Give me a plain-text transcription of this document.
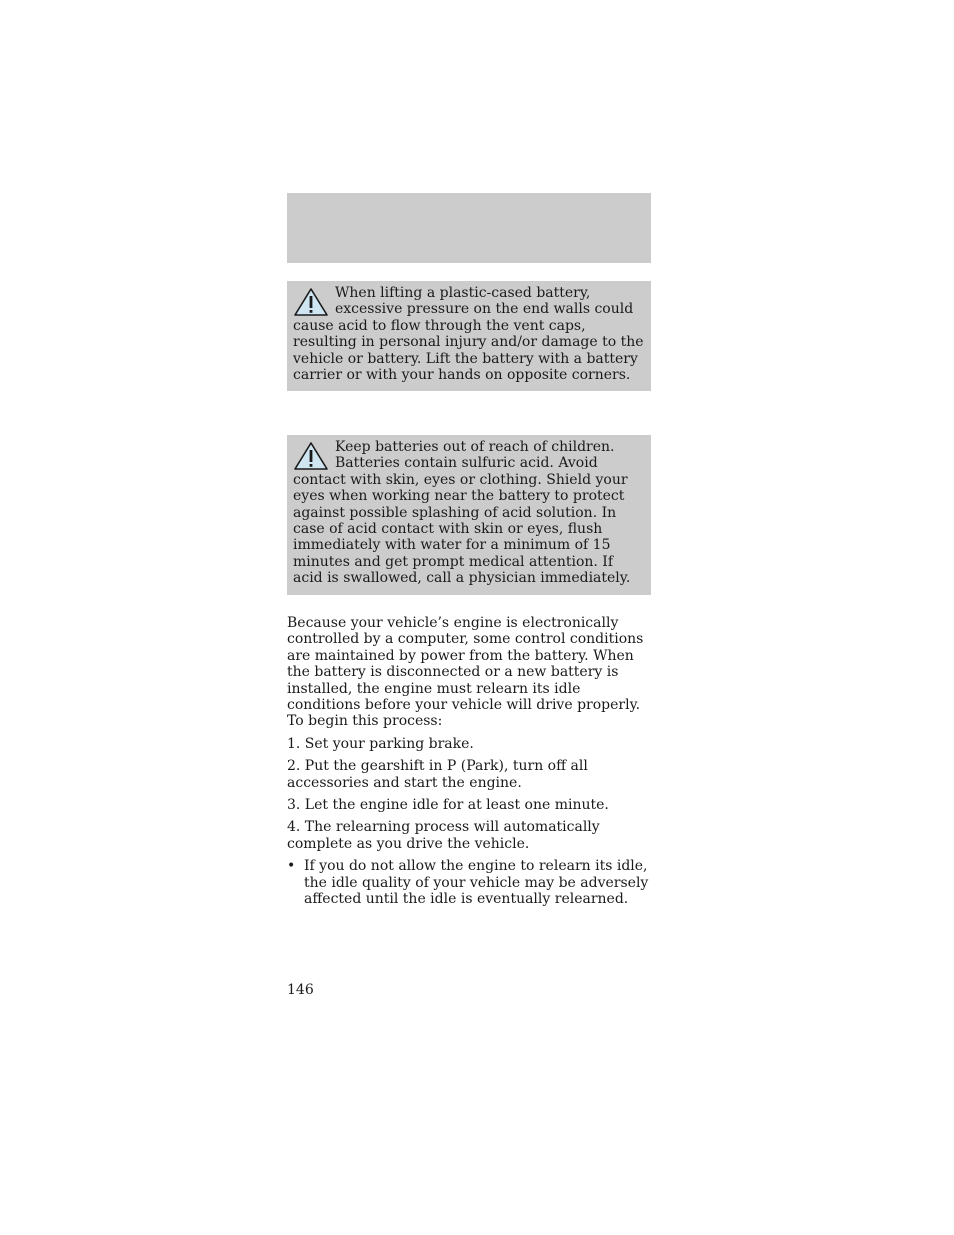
When lifting a plastic-cased battery, excessive pressure on the end walls could cause acid to flow through the vent caps, resulting in personal injury and/or damage to the vehicle or battery. Lift the battery with a battery carrier or with your hands on opposite corners.

Keep batteries out of reach of children. Batteries contain sulfuric acid. Avoid contact with skin, eyes or clothing. Shield your eyes when working near the battery to protect against possible splashing of acid solution. In case of acid contact with skin or eyes, flush immediately with water for a minimum of 15 minutes and get prompt medical attention. If acid is swallowed, call a physician immediately.

Because your vehicle’s engine is electronically controlled by a computer, some control conditions are maintained by power from the battery. When the battery is disconnected or a new battery is installed, the engine must relearn its idle conditions before your vehicle will drive properly. To begin this process:

1. Set your parking brake.

2. Put the gearshift in P (Park), turn off all accessories and start the engine.

3. Let the engine idle for at least one minute.

4. The relearning process will automatically complete as you drive the vehicle.

• If you do not allow the engine to relearn its idle, the idle quality of your vehicle may be adversely affected until the idle is eventually relearned.
146
